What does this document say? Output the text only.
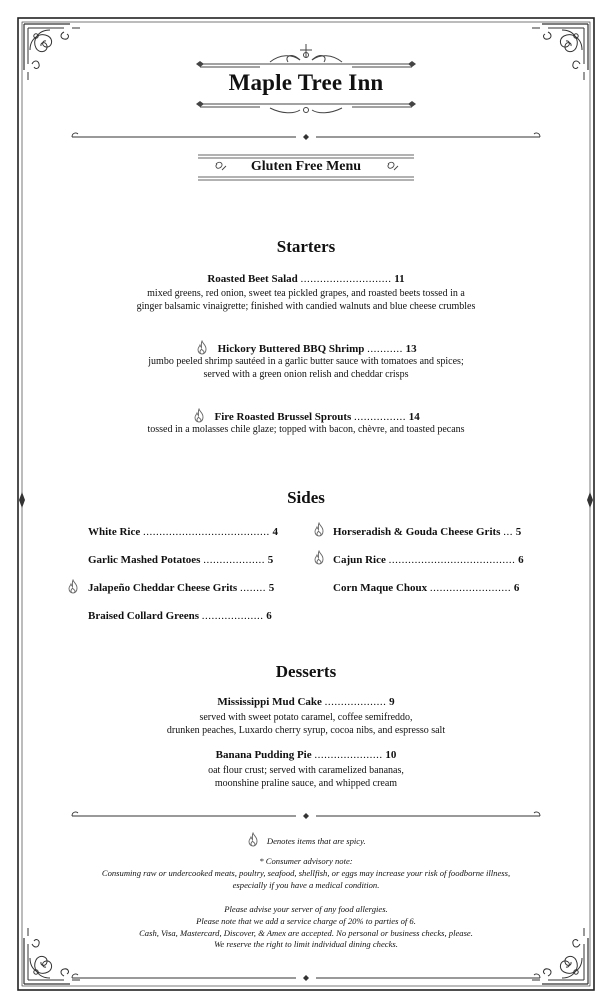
Maple Tree Inn
Gluten Free Menu
Starters
Roasted Beet Salad ............................ 11
mixed greens, red onion, sweet tea pickled grapes, and roasted beets tossed in a
ginger balsamic vinaigrette; finished with candied walnuts and blue cheese crumbles
Hickory Buttered BBQ Shrimp ........... 13
jumbo peeled shrimp sautéed in a garlic butter sauce with tomatoes and spices;
served with a green onion relish and cheddar crisps
Fire Roasted Brussel Sprouts ................ 14
tossed in a molasses chile glaze; topped with bacon, chèvre, and toasted pecans
Sides
White Rice ....................................... 4
Garlic Mashed Potatoes ................... 5
Jalapeño Cheddar Cheese Grits ........ 5
Braised Collard Greens ................... 6
Horseradish & Gouda Cheese Grits ... 5
Cajun Rice ....................................... 6
Corn Maque Choux ......................... 6
Desserts
Mississippi Mud Cake ................... 9
served with sweet potato caramel, coffee semifreddo,
drunken peaches, Luxardo cherry syrup, cocoa nibs, and espresso salt
Banana Pudding Pie ..................... 10
oat flour crust; served with caramelized bananas,
moonshine praline sauce, and whipped cream
Denotes items that are spicy.
* Consumer advisory note:
Consuming raw or undercooked meats, poultry, seafood, shellfish, or eggs may increase your risk of foodborne illness,
especially if you have a medical condition.
Please advise your server of any food allergies.
Please note that we add a service charge of 20% to parties of 6.
Cash, Visa, Mastercard, Discover, & Amex are accepted. No personal or business checks, please.
We reserve the right to limit individual dining checks.
